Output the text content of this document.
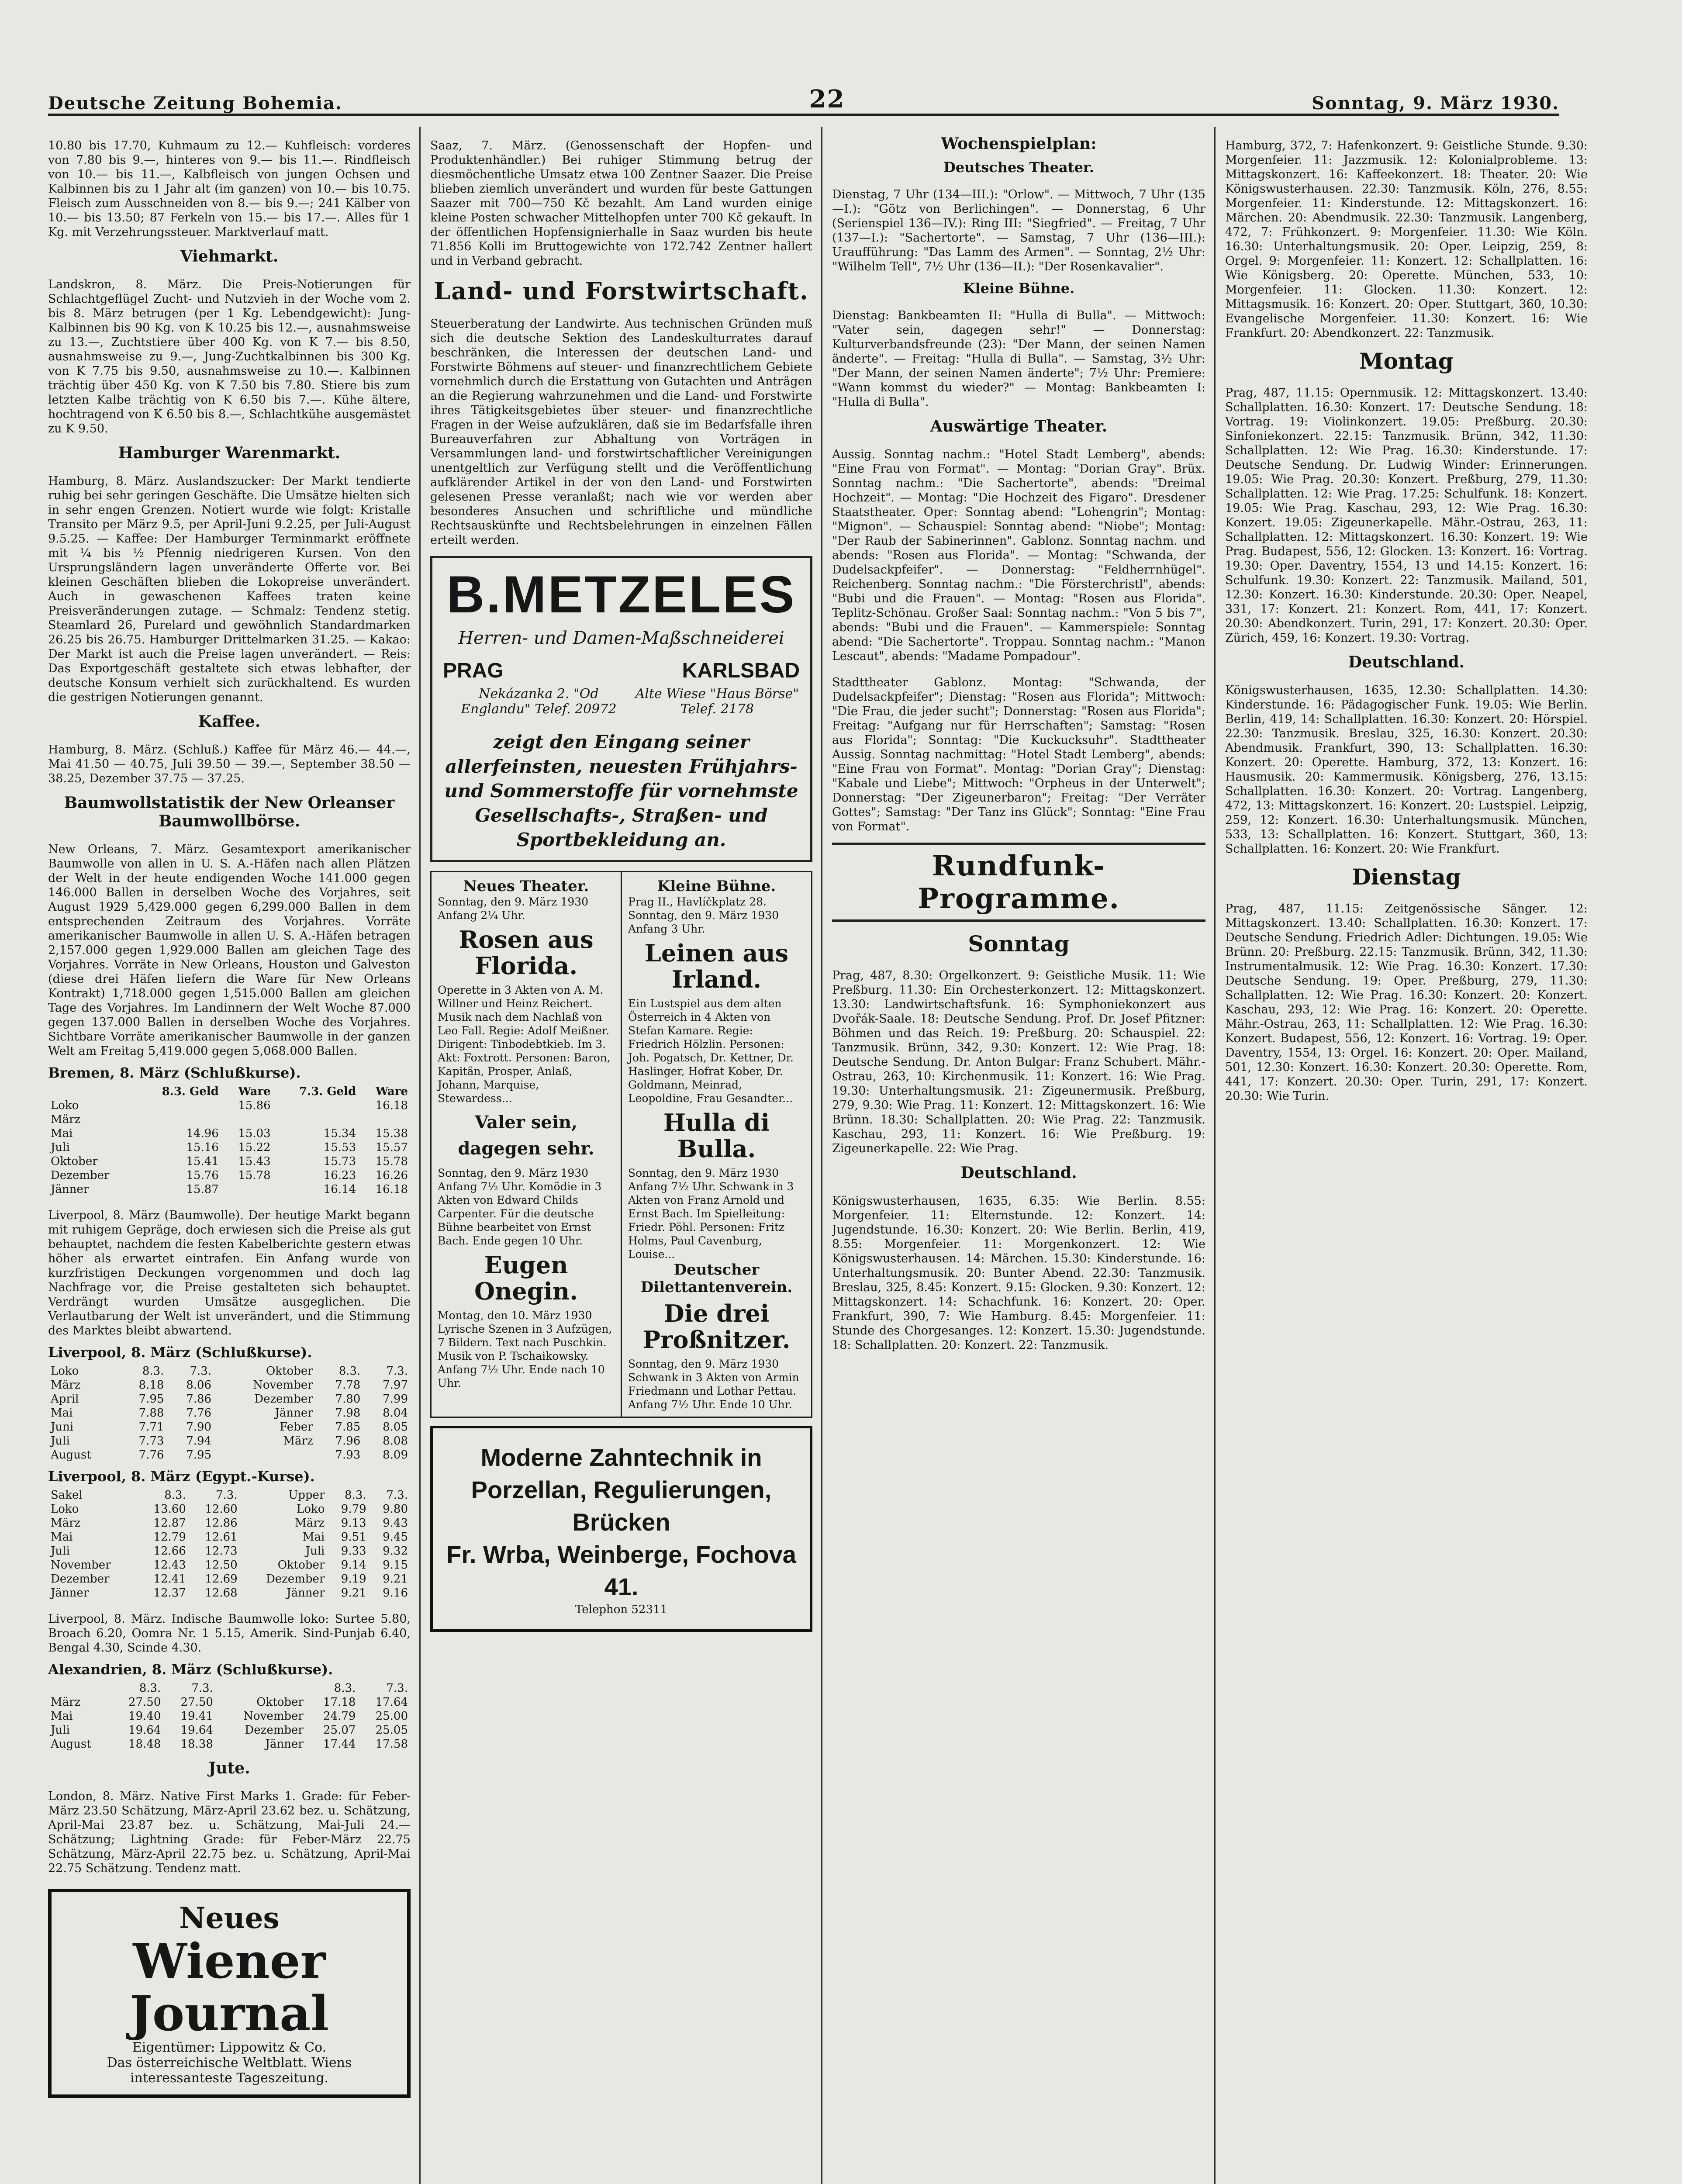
Deutsche Zeitung Bohemia.	22	Sonntag, 9. März 1930.

10.80 bis 17.70, Kuhmaum zu 12.— Kuhfleisch: vorderes von 7.80 bis 9.—, hinteres von 9.— bis 11.—. Rindfleisch von 10.— bis 11.—, Kalbfleisch von jungen Ochsen und Kalbinnen bis zu 1 Jahr alt (im ganzen) von 10.— bis 10.75. Fleisch zum Ausschneiden von 8.— bis 9.—; 241 Kälber von 10.— bis 13.50; 87 Ferkeln von 15.— bis 17.—. Alles für 1 Kg. mit Verzehrungssteuer. Marktverlauf matt.

Viehmarkt.

Landskron, 8. März. Die Preis-Notierungen für Schlachtgeflügel Zucht- und Nutzvieh in der Woche vom 2. bis 8. März betrugen (per 1 Kg. Lebendgewicht): Jung-Kalbinnen bis 90 Kg. von K 10.25 bis 12.—, ausnahmsweise zu 13.—, Zuchtstiere über 400 Kg. von K 7.— bis 8.50, ausnahmsweise zu 9.—, Jung-Zuchtkalbinnen bis 300 Kg. von K 7.75 bis 9.50, ausnahmsweise zu 10.—. Kalbinnen trächtig über 450 Kg. von K 7.50 bis 7.80. Stiere bis zum letzten Kalbe trächtig von K 6.50 bis 7.—. Kühe ältere, hochtragend von K 6.50 bis 8.—, Schlachtkühe ausgemästet zu K 9.50.

Hamburger Warenmarkt.

Hamburg, 8. März. Auslandszucker: Der Markt tendierte ruhig bei sehr geringen Geschäfte. Die Umsätze hielten sich in sehr engen Grenzen. Notiert wurde wie folgt: Kristalle Transito per März 9.5, per April-Juni 9.2.25, per Juli-August 9.5.25. — Kaffee: Der Hamburger Terminmarkt eröffnete mit ¼ bis ½ Pfennig niedrigeren Kursen. Von den Ursprungsländern lagen unveränderte Offerte vor. Bei kleinen Geschäften blieben die Lokopreise unverändert. Auch in gewaschenen Kaffees traten keine Preisveränderungen zutage. — Schmalz: Tendenz stetig. Steamlard 26, Purelard und gewöhnlich Standardmarken 26.25 bis 26.75. Hamburger Drittelmarken 31.25. — Kakao: Der Markt ist auch die Preise lagen unverändert. — Reis: Das Exportgeschäft gestaltete sich etwas lebhafter, der deutsche Konsum verhielt sich zurückhaltend. Es wurden die gestrigen Notierungen genannt.

Kaffee.

Hamburg, 8. März. (Schluß.) Kaffee für März 46.— 44.—, Mai 41.50 — 40.75, Juli 39.50 — 39.—, September 38.50 — 38.25, Dezember 37.75 — 37.25.

Baumwollstatistik der New Orleanser Baumwollbörse.

New Orleans, 7. März. Gesamtexport amerikanischer Baumwolle von allen in U. S. A.-Häfen nach allen Plätzen der Welt in der heute endigenden Woche 141.000 gegen 146.000 Ballen in derselben Woche des Vorjahres, seit August 1929 5,429.000 gegen 6,299.000 Ballen in dem entsprechenden Zeitraum des Vorjahres. Vorräte amerikanischer Baumwolle in allen U. S. A.-Häfen betragen 2,157.000 gegen 1,929.000 Ballen am gleichen Tage des Vorjahres. Vorräte in New Orleans, Houston und Galveston (diese drei Häfen liefern die Ware für New Orleans Kontrakt) 1,718.000 gegen 1,515.000 Ballen am gleichen Tage des Vorjahres. Im Landinnern der Welt Woche 87.000 gegen 137.000 Ballen in derselben Woche des Vorjahres. Sichtbare Vorräte amerikanischer Baumwolle in der ganzen Welt am Freitag 5,419.000 gegen 5,068.000 Ballen.

Bremen, 8. März (Schlußkurse).
	8.3. Geld	Ware	7.3. Geld	Ware
Loko		15.86		16.18
März				
Mai	14.96	15.03	15.34	15.38
Juli	15.16	15.22	15.53	15.57
Oktober	15.41	15.43	15.73	15.78
Dezember	15.76	15.78	16.23	16.26
Jänner	15.87		16.14	16.18

Liverpool, 8. März (Baumwolle). Der heutige Markt begann mit ruhigem Gepräge, doch erwiesen sich die Preise als gut behauptet, nachdem die festen Kabelberichte gestern etwas höher als erwartet eintrafen. Ein Anfang wurde von kurzfristigen Deckungen vorgenommen und doch lag Nachfrage vor, die Preise gestalteten sich behauptet. Verdrängt wurden Umsätze ausgeglichen. Die Verlautbarung der Welt ist unverändert, und die Stimmung des Marktes bleibt abwartend.

Liverpool, 8. März (Schlußkurse).
Loko	8.3.	7.3.	Oktober	8.3.	7.3.
März	8.18	8.06	November	7.78	7.97
April	7.95	7.86	Dezember	7.80	7.99
Mai	7.88	7.76	Jänner	7.98	8.04
Juni	7.71	7.90	Feber	7.85	8.05
Juli	7.73	7.94	März	7.96	8.08
August	7.76	7.95		7.93	8.09
Liverpool, 8. März (Egypt.-Kurse).
Sakel	8.3.	7.3.	Upper	8.3.	7.3.
Loko	13.60	12.60	Loko	9.79	9.80
März	12.87	12.86	März	9.13	9.43
Mai	12.79	12.61	Mai	9.51	9.45
Juli	12.66	12.73	Juli	9.33	9.32
November	12.43	12.50	Oktober	9.14	9.15
Dezember	12.41	12.69	Dezember	9.19	9.21
Jänner	12.37	12.68	Jänner	9.21	9.16

Liverpool, 8. März. Indische Baumwolle loko: Surtee 5.80, Broach 6.20, Oomra Nr. 1 5.15, Amerik. Sind-Punjab 6.40, Bengal 4.30, Scinde 4.30.

Alexandrien, 8. März (Schlußkurse).
	8.3.	7.3.		8.3.	7.3.
März	27.50	27.50	Oktober	17.18	17.64
Mai	19.40	19.41	November	24.79	25.00
Juli	19.64	19.64	Dezember	25.07	25.05
August	18.48	18.38	Jänner	17.44	17.58
Jute.

London, 8. März. Native First Marks 1. Grade: für Feber-März 23.50 Schätzung, März-April 23.62 bez. u. Schätzung, April-Mai 23.87 bez. u. Schätzung, Mai-Juli 24.— Schätzung; Lightning Grade: für Feber-März 22.75 Schätzung, März-April 22.75 bez. u. Schätzung, April-Mai 22.75 Schätzung. Tendenz matt.

Neues
Wiener Journal
Eigentümer: Lippowitz & Co.
Das österreichische Weltblatt. Wiens interessanteste Tageszeitung.

Saaz, 7. März. (Genossenschaft der Hopfen- und Produktenhändler.) Bei ruhiger Stimmung betrug der diesmöchentliche Umsatz etwa 100 Zentner Saazer. Die Preise blieben ziemlich unverändert und wurden für beste Gattungen Saazer mit 700—750 Kč bezahlt. Am Land wurden einige kleine Posten schwacher Mittelhopfen unter 700 Kč gekauft. In der öffentlichen Hopfensignierhalle in Saaz wurden bis heute 71.856 Kolli im Bruttogewichte von 172.742 Zentner hallert und in Verband gebracht.

Land- und Forstwirtschaft.

Steuerberatung der Landwirte. Aus technischen Gründen muß sich die deutsche Sektion des Landeskulturrates darauf beschränken, die Interessen der deutschen Land- und Forstwirte Böhmens auf steuer- und finanzrechtlichem Gebiete vornehmlich durch die Erstattung von Gutachten und Anträgen an die Regierung wahrzunehmen und die Land- und Forstwirte ihres Tätigkeitsgebietes über steuer- und finanzrechtliche Fragen in der Weise aufzuklären, daß sie im Bedarfsfalle ihren Bureauverfahren zur Abhaltung von Vorträgen in Versammlungen land- und forstwirtschaftlicher Vereinigungen unentgeltlich zur Verfügung stellt und die Veröffentlichung aufklärender Artikel in der von den Land- und Forstwirten gelesenen Presse veranlaßt; nach wie vor werden aber besonderes Ansuchen und schriftliche und mündliche Rechtsauskünfte und Rechtsbelehrungen in einzelnen Fällen erteilt werden.

B.METZELES
Herren- und Damen-Maßschneiderei
PRAG	KARLSBAD
Nekázanka 2. "Od Englandu" Telef. 20972
Alte Wiese "Haus Börse" Telef. 2178
zeigt den Eingang seiner allerfeinsten, neuesten Frühjahrs- und Sommerstoffe für vornehmste Gesellschafts-, Straßen- und Sportbekleidung an.
Neues Theater.
Sonntag, den 9. März 1930 Anfang 2¼ Uhr.
Rosen aus Florida.
Operette in 3 Akten von A. M. Willner und Heinz Reichert. Musik nach dem Nachlaß von Leo Fall. Regie: Adolf Meißner. Dirigent: Tinbodebtkieb. Im 3. Akt: Foxtrott. Personen: Baron, Kapitän, Prosper, Anlaß, Johann, Marquise, Stewardess...
Valer sein, dagegen sehr.
Sonntag, den 9. März 1930 Anfang 7½ Uhr. Komödie in 3 Akten von Edward Childs Carpenter. Für die deutsche Bühne bearbeitet von Ernst Bach. Ende gegen 10 Uhr.
Eugen Onegin.
Montag, den 10. März 1930 Lyrische Szenen in 3 Aufzügen, 7 Bildern. Text nach Puschkin. Musik von P. Tschaikowsky. Anfang 7½ Uhr. Ende nach 10 Uhr.
Kleine Bühne.
Prag II., Havlíčkplatz 28. Sonntag, den 9. März 1930 Anfang 3 Uhr.
Leinen aus Irland.
Ein Lustspiel aus dem alten Österreich in 4 Akten von Stefan Kamare. Regie: Friedrich Hölzlin. Personen: Joh. Pogatsch, Dr. Kettner, Dr. Haslinger, Hofrat Kober, Dr. Goldmann, Meinrad, Leopoldine, Frau Gesandter...
Hulla di Bulla.
Sonntag, den 9. März 1930 Anfang 7½ Uhr. Schwank in 3 Akten von Franz Arnold und Ernst Bach. Im Spielleitung: Friedr. Pöhl. Personen: Fritz Holms, Paul Cavenburg, Louise...
Deutscher Dilettantenverein.
Die drei Proßnitzer.
Sonntag, den 9. März 1930 Schwank in 3 Akten von Armin Friedmann und Lothar Pettau. Anfang 7½ Uhr. Ende 10 Uhr.
Moderne Zahntechnik in Porzellan, Regulierungen, Brücken
Fr. Wrba, Weinberge, Fochova 41.
Telephon 52311
Wochenspielplan:
Deutsches Theater.

Dienstag, 7 Uhr (134—III.): "Orlow". — Mittwoch, 7 Uhr (135—I.): "Götz von Berlichingen". — Donnerstag, 6 Uhr (Serienspiel 136—IV.): Ring III: "Siegfried". — Freitag, 7 Uhr (137—I.): "Sachertorte". — Samstag, 7 Uhr (136—III.): Uraufführung: "Das Lamm des Armen". — Sonntag, 2½ Uhr: "Wilhelm Tell", 7½ Uhr (136—II.): "Der Rosenkavalier".

Kleine Bühne.

Dienstag: Bankbeamten II: "Hulla di Bulla". — Mittwoch: "Vater sein, dagegen sehr!" — Donnerstag: Kulturverbandsfreunde (23): "Der Mann, der seinen Namen änderte". — Freitag: "Hulla di Bulla". — Samstag, 3½ Uhr: "Der Mann, der seinen Namen änderte"; 7½ Uhr: Premiere: "Wann kommst du wieder?" — Montag: Bankbeamten I: "Hulla di Bulla".

Auswärtige Theater.

Aussig. Sonntag nachm.: "Hotel Stadt Lemberg", abends: "Eine Frau von Format". — Montag: "Dorian Gray". Brüx. Sonntag nachm.: "Die Sachertorte", abends: "Dreimal Hochzeit". — Montag: "Die Hochzeit des Figaro". Dresdener Staatstheater. Oper: Sonntag abend: "Lohengrin"; Montag: "Mignon". — Schauspiel: Sonntag abend: "Niobe"; Montag: "Der Raub der Sabinerinnen". Gablonz. Sonntag nachm. und abends: "Rosen aus Florida". — Montag: "Schwanda, der Dudelsackpfeifer". — Donnerstag: "Feldherrnhügel". Reichenberg. Sonntag nachm.: "Die Försterchristl", abends: "Bubi und die Frauen". — Montag: "Rosen aus Florida". Teplitz-Schönau. Großer Saal: Sonntag nachm.: "Von 5 bis 7", abends: "Bubi und die Frauen". — Kammerspiele: Sonntag abend: "Die Sachertorte". Troppau. Sonntag nachm.: "Manon Lescaut", abends: "Madame Pompadour".

Stadttheater Gablonz. Montag: "Schwanda, der Dudelsackpfeifer"; Dienstag: "Rosen aus Florida"; Mittwoch: "Die Frau, die jeder sucht"; Donnerstag: "Rosen aus Florida"; Freitag: "Aufgang nur für Herrschaften"; Samstag: "Rosen aus Florida"; Sonntag: "Die Kuckucksuhr". Stadttheater Aussig. Sonntag nachmittag: "Hotel Stadt Lemberg", abends: "Eine Frau von Format". Montag: "Dorian Gray"; Dienstag: "Kabale und Liebe"; Mittwoch: "Orpheus in der Unterwelt"; Donnerstag: "Der Zigeunerbaron"; Freitag: "Der Verräter Gottes"; Samstag: "Der Tanz ins Glück"; Sonntag: "Eine Frau von Format".

Rundfunk-Programme.
Sonntag

Prag, 487, 8.30: Orgelkonzert. 9: Geistliche Musik. 11: Wie Preßburg. 11.30: Ein Orchesterkonzert. 12: Mittagskonzert. 13.30: Landwirtschaftsfunk. 16: Symphoniekonzert aus Dvořák-Saale. 18: Deutsche Sendung. Prof. Dr. Josef Pfitzner: Böhmen und das Reich. 19: Preßburg. 20: Schauspiel. 22: Tanzmusik. Brünn, 342, 9.30: Konzert. 12: Wie Prag. 18: Deutsche Sendung. Dr. Anton Bulgar: Franz Schubert. Mähr.-Ostrau, 263, 10: Kirchenmusik. 11: Konzert. 16: Wie Prag. 19.30: Unterhaltungsmusik. 21: Zigeunermusik. Preßburg, 279, 9.30: Wie Prag. 11: Konzert. 12: Mittagskonzert. 16: Wie Brünn. 18.30: Schallplatten. 20: Wie Prag. 22: Tanzmusik. Kaschau, 293, 11: Konzert. 16: Wie Preßburg. 19: Zigeunerkapelle. 22: Wie Prag.

Deutschland.

Königswusterhausen, 1635, 6.35: Wie Berlin. 8.55: Morgenfeier. 11: Elternstunde. 12: Konzert. 14: Jugendstunde. 16.30: Konzert. 20: Wie Berlin. Berlin, 419, 8.55: Morgenfeier. 11: Morgenkonzert. 12: Wie Königswusterhausen. 14: Märchen. 15.30: Kinderstunde. 16: Unterhaltungsmusik. 20: Bunter Abend. 22.30: Tanzmusik. Breslau, 325, 8.45: Konzert. 9.15: Glocken. 9.30: Konzert. 12: Mittagskonzert. 14: Schachfunk. 16: Konzert. 20: Oper. Frankfurt, 390, 7: Wie Hamburg. 8.45: Morgenfeier. 11: Stunde des Chorgesanges. 12: Konzert. 15.30: Jugendstunde. 18: Schallplatten. 20: Konzert. 22: Tanzmusik.

Hamburg, 372, 7: Hafenkonzert. 9: Geistliche Stunde. 9.30: Morgenfeier. 11: Jazzmusik. 12: Kolonialprobleme. 13: Mittagskonzert. 16: Kaffeekonzert. 18: Theater. 20: Wie Königswusterhausen. 22.30: Tanzmusik. Köln, 276, 8.55: Morgenfeier. 11: Kinderstunde. 12: Mittagskonzert. 16: Märchen. 20: Abendmusik. 22.30: Tanzmusik. Langenberg, 472, 7: Frühkonzert. 9: Morgenfeier. 11.30: Wie Köln. 16.30: Unterhaltungsmusik. 20: Oper. Leipzig, 259, 8: Orgel. 9: Morgenfeier. 11: Konzert. 12: Schallplatten. 16: Wie Königsberg. 20: Operette. München, 533, 10: Morgenfeier. 11: Glocken. 11.30: Konzert. 12: Mittagsmusik. 16: Konzert. 20: Oper. Stuttgart, 360, 10.30: Evangelische Morgenfeier. 11.30: Konzert. 16: Wie Frankfurt. 20: Abendkonzert. 22: Tanzmusik.

Montag

Prag, 487, 11.15: Opernmusik. 12: Mittagskonzert. 13.40: Schallplatten. 16.30: Konzert. 17: Deutsche Sendung. 18: Vortrag. 19: Violinkonzert. 19.05: Preßburg. 20.30: Sinfoniekonzert. 22.15: Tanzmusik. Brünn, 342, 11.30: Schallplatten. 12: Wie Prag. 16.30: Kinderstunde. 17: Deutsche Sendung. Dr. Ludwig Winder: Erinnerungen. 19.05: Wie Prag. 20.30: Konzert. Preßburg, 279, 11.30: Schallplatten. 12: Wie Prag. 17.25: Schulfunk. 18: Konzert. 19.05: Wie Prag. Kaschau, 293, 12: Wie Prag. 16.30: Konzert. 19.05: Zigeunerkapelle. Mähr.-Ostrau, 263, 11: Schallplatten. 12: Mittagskonzert. 16.30: Konzert. 19: Wie Prag. Budapest, 556, 12: Glocken. 13: Konzert. 16: Vortrag. 19.30: Oper. Daventry, 1554, 13 und 14.15: Konzert. 16: Schulfunk. 19.30: Konzert. 22: Tanzmusik. Mailand, 501, 12.30: Konzert. 16.30: Kinderstunde. 20.30: Oper. Neapel, 331, 17: Konzert. 21: Konzert. Rom, 441, 17: Konzert. 20.30: Abendkonzert. Turin, 291, 17: Konzert. 20.30: Oper. Zürich, 459, 16: Konzert. 19.30: Vortrag.

Deutschland.

Königswusterhausen, 1635, 12.30: Schallplatten. 14.30: Kinderstunde. 16: Pädagogischer Funk. 19.05: Wie Berlin. Berlin, 419, 14: Schallplatten. 16.30: Konzert. 20: Hörspiel. 22.30: Tanzmusik. Breslau, 325, 16.30: Konzert. 20.30: Abendmusik. Frankfurt, 390, 13: Schallplatten. 16.30: Konzert. 20: Operette. Hamburg, 372, 13: Konzert. 16: Hausmusik. 20: Kammermusik. Königsberg, 276, 13.15: Schallplatten. 16.30: Konzert. 20: Vortrag. Langenberg, 472, 13: Mittagskonzert. 16: Konzert. 20: Lustspiel. Leipzig, 259, 12: Konzert. 16.30: Unterhaltungsmusik. München, 533, 13: Schallplatten. 16: Konzert. Stuttgart, 360, 13: Schallplatten. 16: Konzert. 20: Wie Frankfurt.

Dienstag

Prag, 487, 11.15: Zeitgenössische Sänger. 12: Mittagskonzert. 13.40: Schallplatten. 16.30: Konzert. 17: Deutsche Sendung. Friedrich Adler: Dichtungen. 19.05: Wie Brünn. 20: Preßburg. 22.15: Tanzmusik. Brünn, 342, 11.30: Instrumentalmusik. 12: Wie Prag. 16.30: Konzert. 17.30: Deutsche Sendung. 19: Oper. Preßburg, 279, 11.30: Schallplatten. 12: Wie Prag. 16.30: Konzert. 20: Konzert. Kaschau, 293, 12: Wie Prag. 16: Konzert. 20: Operette. Mähr.-Ostrau, 263, 11: Schallplatten. 12: Wie Prag. 16.30: Konzert. Budapest, 556, 12: Konzert. 16: Vortrag. 19: Oper. Daventry, 1554, 13: Orgel. 16: Konzert. 20: Oper. Mailand, 501, 12.30: Konzert. 16.30: Konzert. 20.30: Operette. Rom, 441, 17: Konzert. 20.30: Oper. Turin, 291, 17: Konzert. 20.30: Wie Turin.
